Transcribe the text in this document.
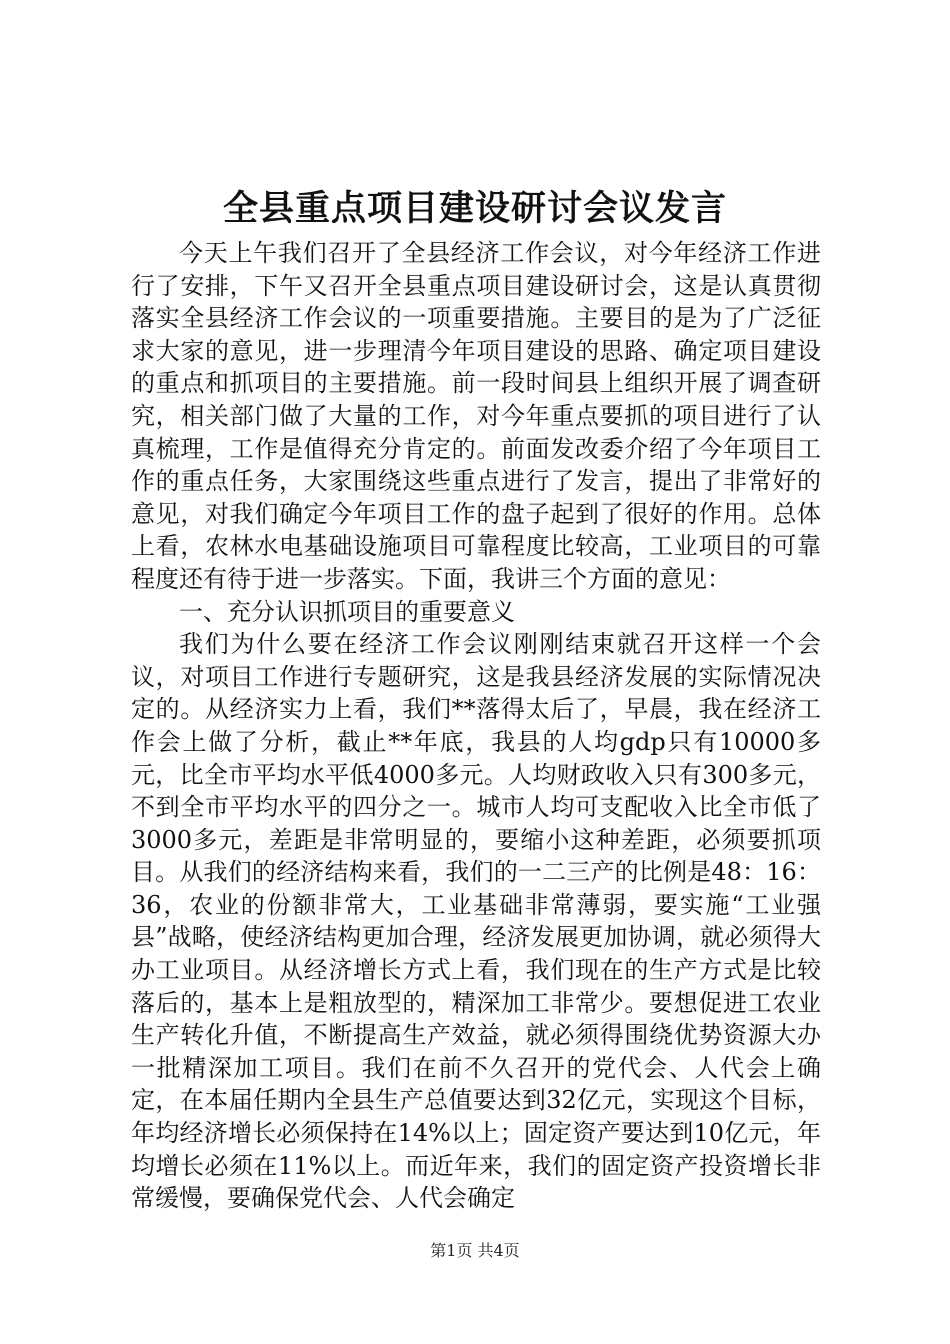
全县重点项目建设研讨会议发言

今天上午我们召开了全县经济工作会议，对今年经济工作进行了安排，下午又召开全县重点项目建设研讨会，这是认真贯彻落实全县经济工作会议的一项重要措施。主要目的是为了广泛征求大家的意见，进一步理清今年项目建设的思路、确定项目建设的重点和抓项目的主要措施。前一段时间县上组织开展了调查研究，相关部门做了大量的工作，对今年重点要抓的项目进行了认真梳理，工作是值得充分肯定的。前面发改委介绍了今年项目工作的重点任务，大家围绕这些重点进行了发言，提出了非常好的意见，对我们确定今年项目工作的盘子起到了很好的作用。总体上看，农林水电基础设施项目可靠程度比较高，工业项目的可靠程度还有待于进一步落实。下面，我讲三个方面的意见：

一、充分认识抓项目的重要意义

我们为什么要在经济工作会议刚刚结束就召开这样一个会议，对项目工作进行专题研究，这是我县经济发展的实际情况决定的。从经济实力上看，我们**落得太后了，早晨，我在经济工作会上做了分析，截止**年底，我县的人均gdp只有10000多元，比全市平均水平低4000多元。人均财政收入只有300多元，不到全市平均水平的四分之一。城市人均可支配收入比全市低了3000多元，差距是非常明显的，要缩小这种差距，必须要抓项目。从我们的经济结构来看，我们的一二三产的比例是48：16：36，农业的份额非常大，工业基础非常薄弱，要实施“工业强县”战略，使经济结构更加合理，经济发展更加协调，就必须得大办工业项目。从经济增长方式上看，我们现在的生产方式是比较落后的，基本上是粗放型的，精深加工非常少。要想促进工农业生产转化升值，不断提高生产效益，就必须得围绕优势资源大办一批精深加工项目。我们在前不久召开的党代会、人代会上确定，在本届任期内全县生产总值要达到32亿元，实现这个目标，年均经济增长必须保持在14%以上；固定资产要达到10亿元，年均增长必须在11%以上。而近年来，我们的固定资产投资增长非常缓慢，要确保党代会、人代会确定

第1页 共4页
